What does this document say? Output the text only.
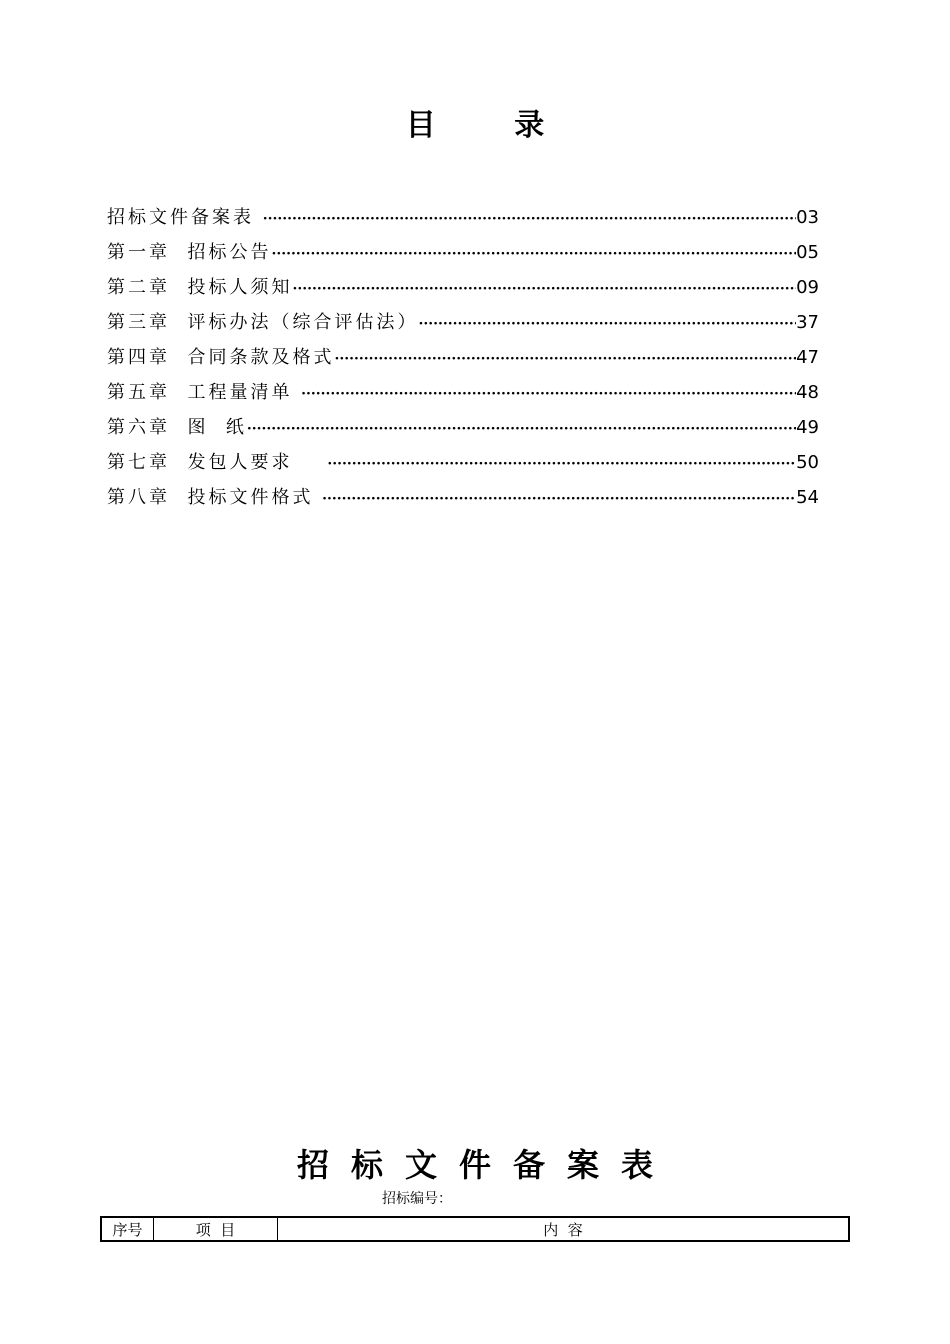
目 录
招标文件备案表 ·····	03
第一章  招标公告 ·····	05
第二章  投标人须知 ·····	09
第三章  评标办法（综合评估法） ·····	37
第四章  合同条款及格式 ·····	47
第五章  工程量清单 ·····	48
第六章  图  纸 ·····	49
第七章  发包人要求 ·····	50
第八章  投标文件格式 ·····	54
招标文件备案表
招标编号：
序号	项  目	内  容
